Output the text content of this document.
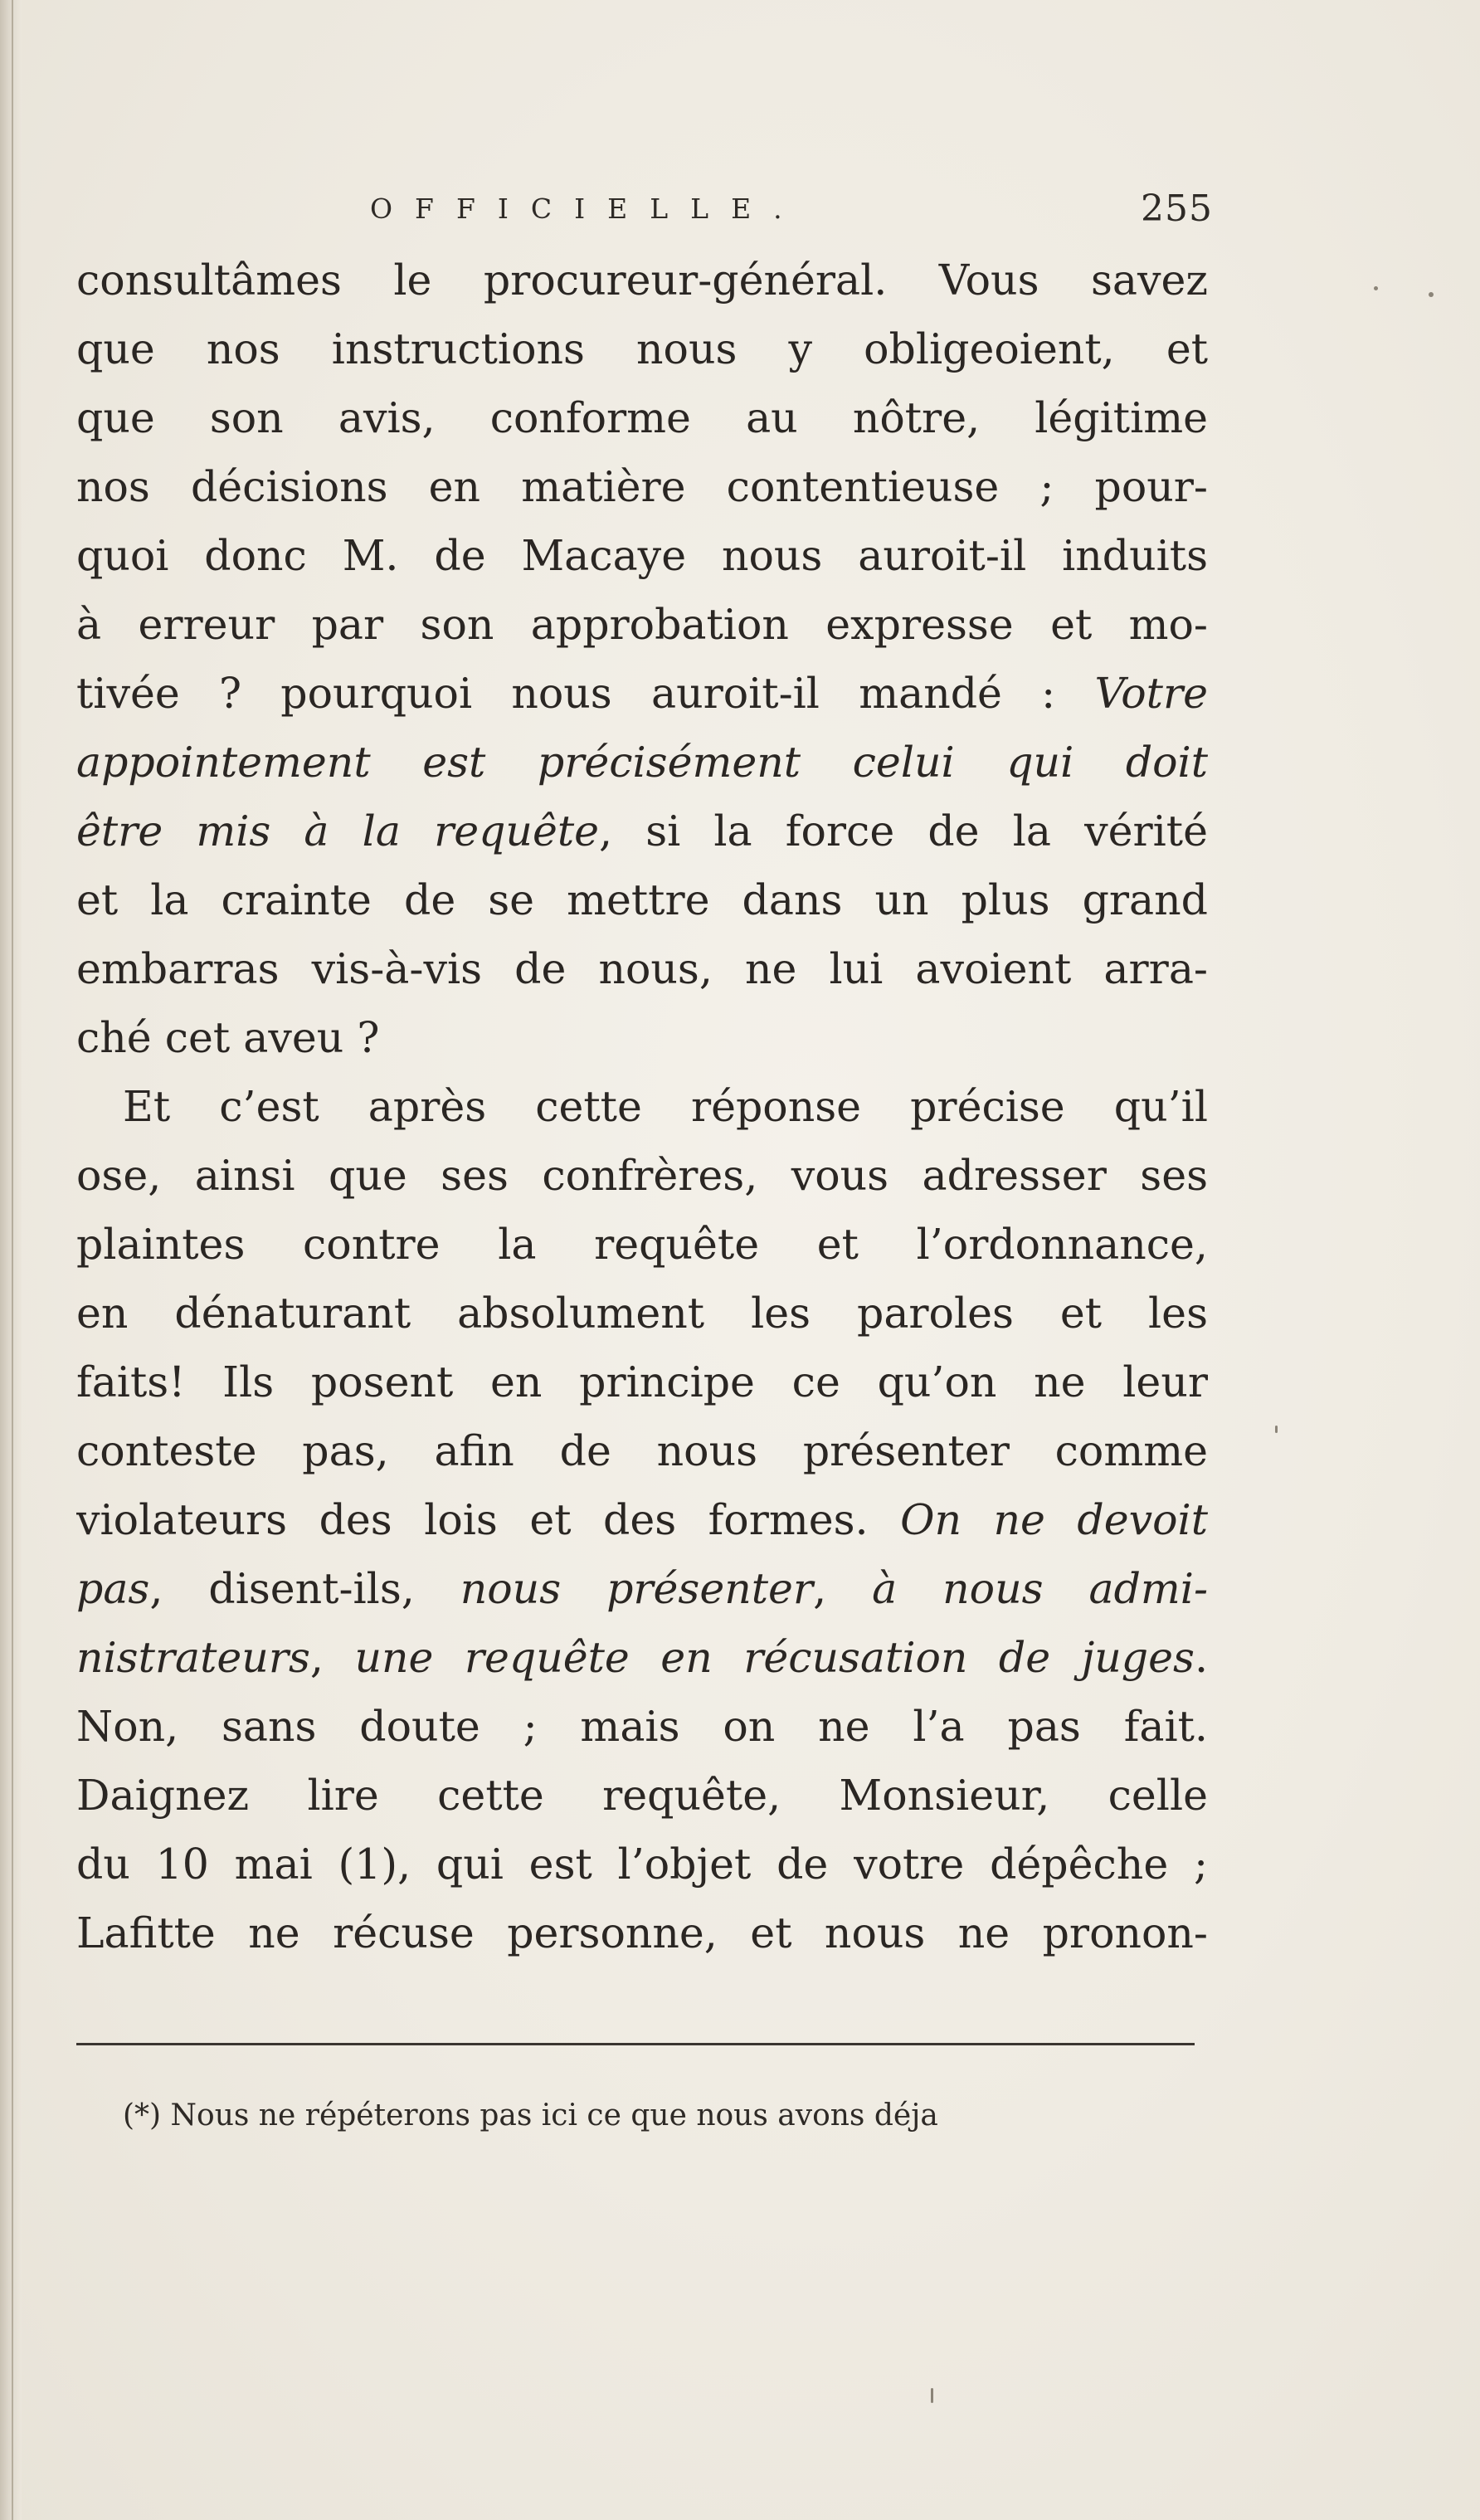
OFFICIELLE.	255
consultâmes le procureur-général. Vous savez
que nos instructions nous y obligeoient, et
que son avis, conforme au nôtre, légitime
nos décisions en matière contentieuse ; pour-
quoi donc M. de Macaye nous auroit-il induits
à erreur par son approbation expresse et mo-
tivée ? pourquoi nous auroit-il mandé : Votre
appointement est précisément celui qui doit
être mis à la requête, si la force de la vérité
et la crainte de se mettre dans un plus grand
embarras vis-à-vis de nous, ne lui avoient arra-
ché cet aveu ?
Et c’est après cette réponse précise qu’il
ose, ainsi que ses confrères, vous adresser ses
plaintes contre la requête et l’ordonnance,
en dénaturant absolument les paroles et les
faits! Ils posent en principe ce qu’on ne leur
conteste pas, afin de nous présenter comme
violateurs des lois et des formes. On ne devoit
pas, disent-ils, nous présenter, à nous admi-
nistrateurs, une requête en récusation de juges.
Non, sans doute ; mais on ne l’a pas fait.
Daignez lire cette requête, Monsieur, celle
du 10 mai (1), qui est l’objet de votre dépêche ;
Lafitte ne récuse personne, et nous ne pronon-
(*) Nous ne répéterons pas ici ce que nous avons déja
